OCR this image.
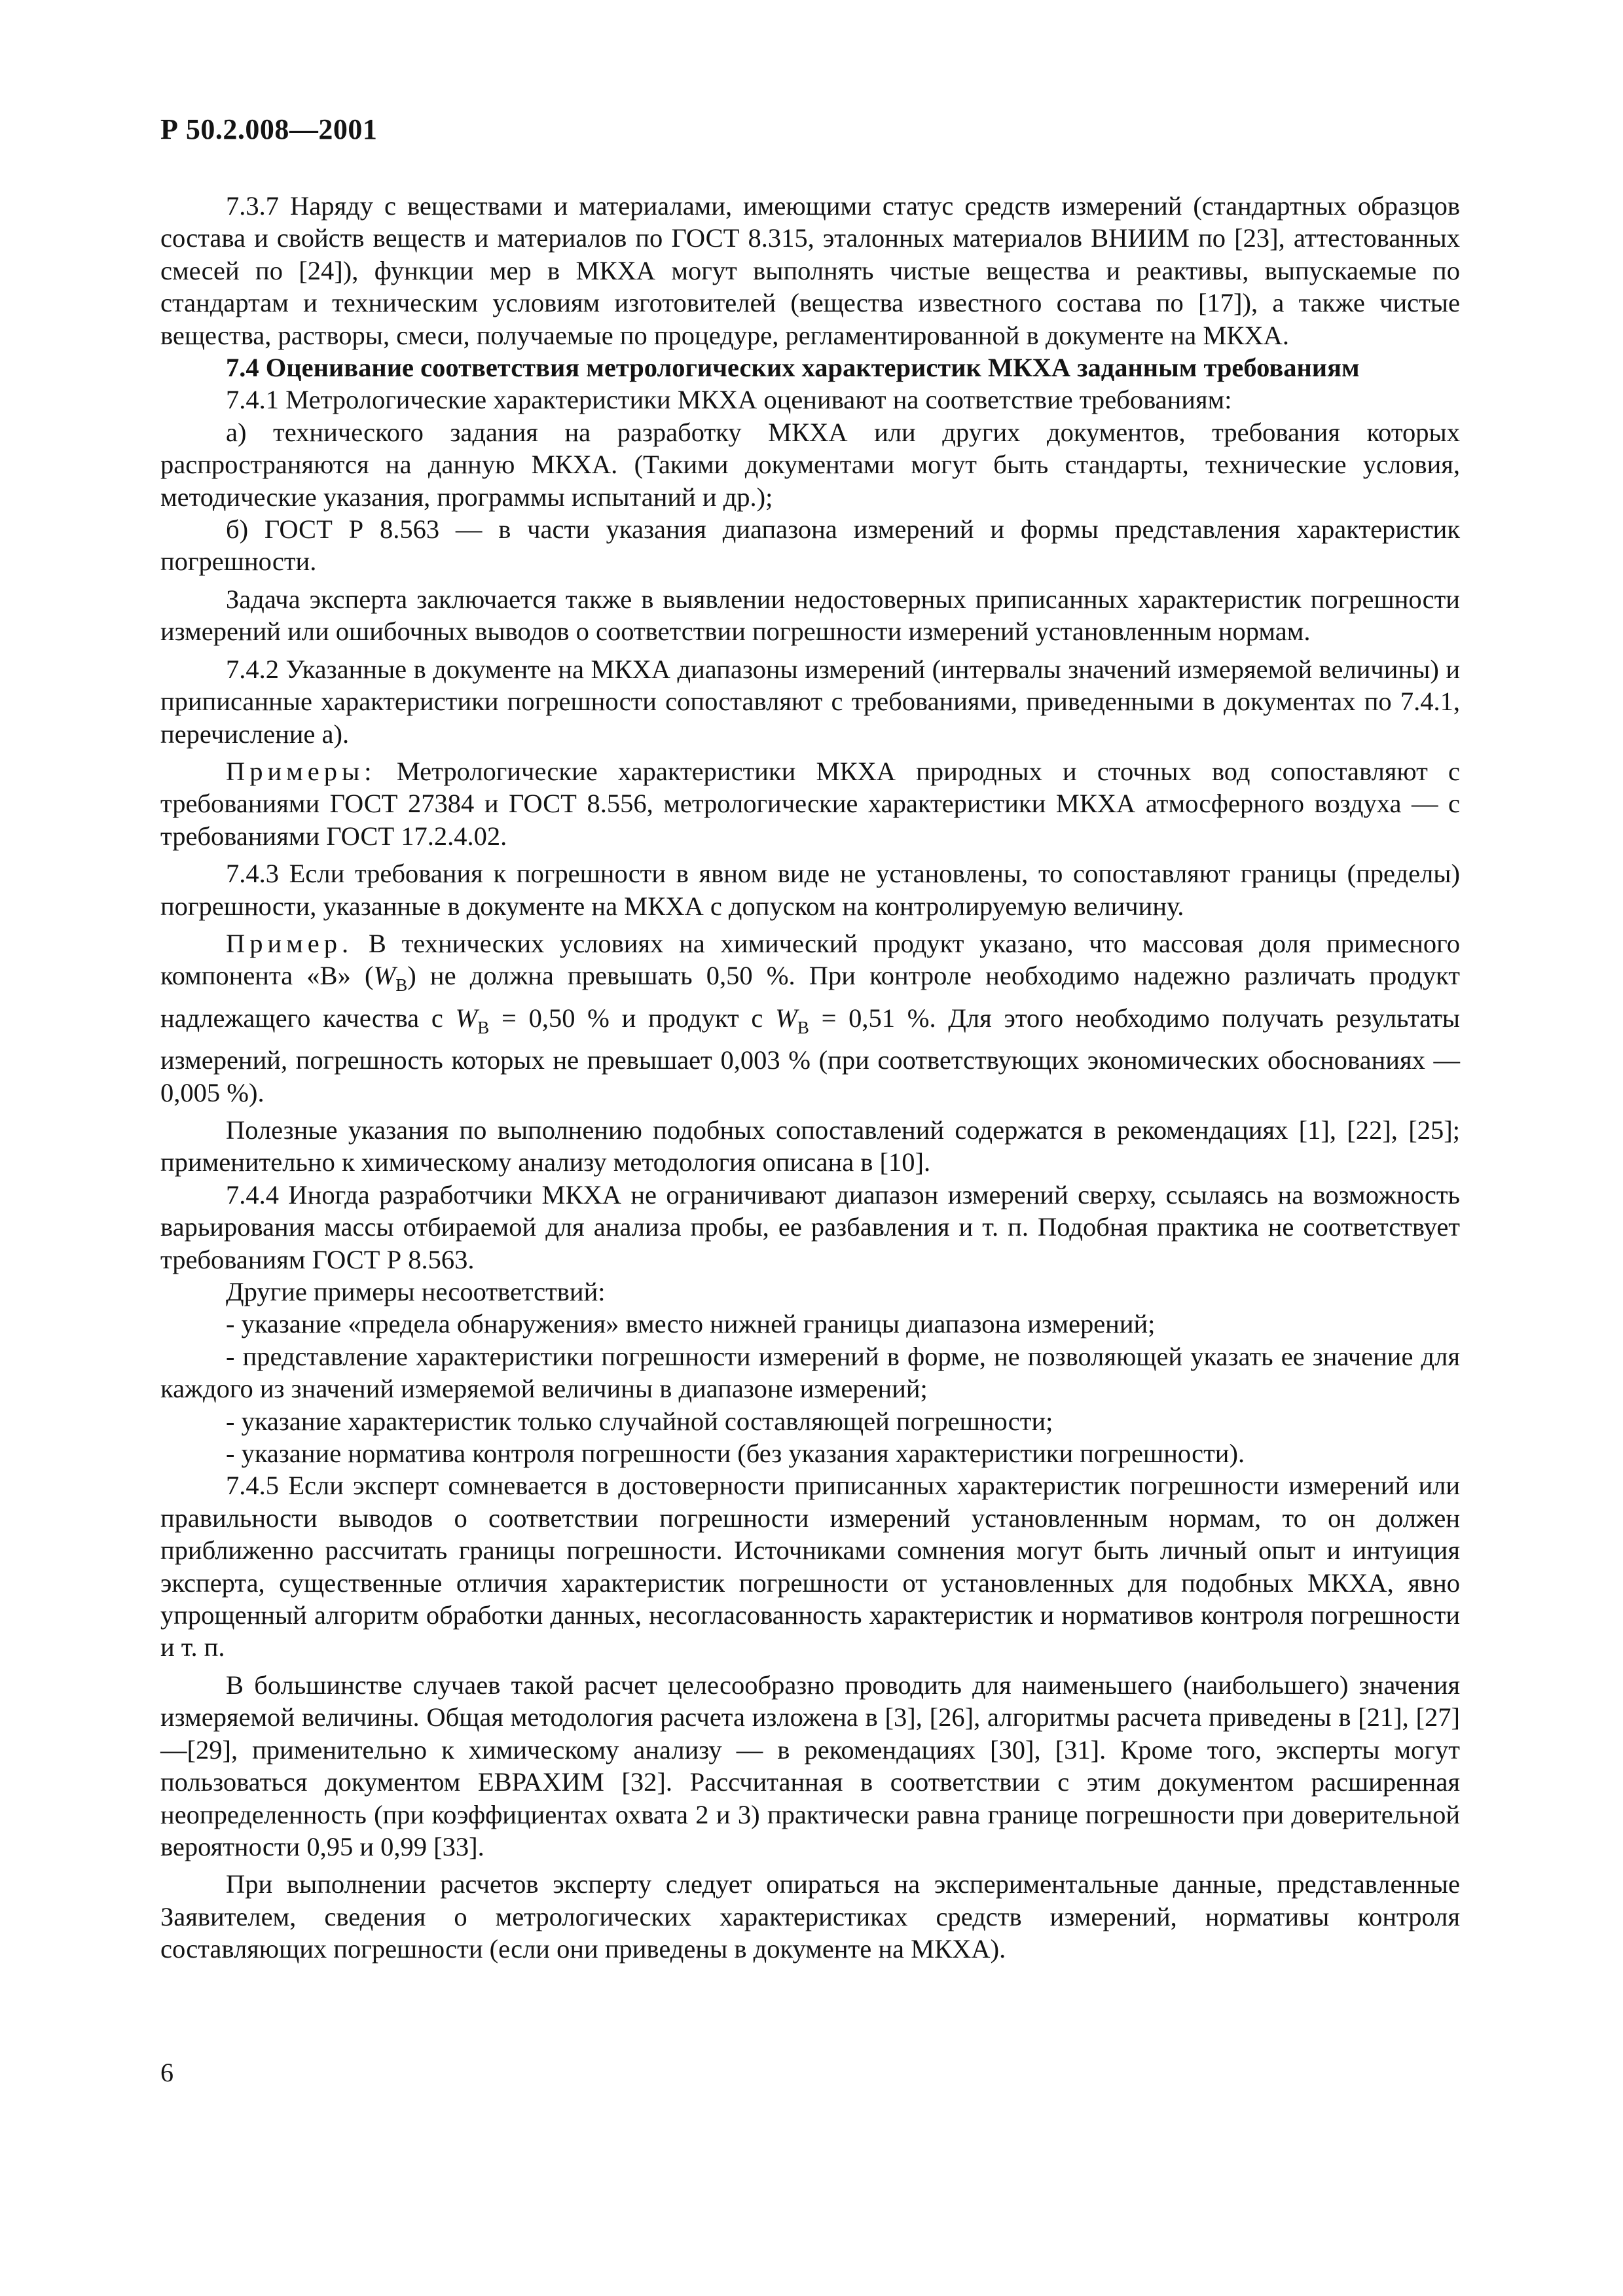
Р 50.2.008—2001

7.3.7 Наряду с веществами и материалами, имеющими статус средств измерений (стандартных образцов состава и свойств веществ и материалов по ГОСТ 8.315, эталонных материалов ВНИИМ по [23], аттестованных смесей по [24]), функции мер в МКХА могут выполнять чистые вещества и реактивы, выпускаемые по стандартам и техническим условиям изготовителей (вещества известного состава по [17]), а также чистые вещества, растворы, смеси, получаемые по процедуре, регламентированной в документе на МКХА.

7.4 Оценивание соответствия метрологических характеристик МКХА заданным требованиям

7.4.1 Метрологические характеристики МКХА оценивают на соответствие требованиям:

а) технического задания на разработку МКХА или других документов, требования которых распространяются на данную МКХА. (Такими документами могут быть стандарты, технические условия, методические указания, программы испытаний и др.);

б) ГОСТ Р 8.563 — в части указания диапазона измерений и формы представления характеристик погрешности.

Задача эксперта заключается также в выявлении недостоверных приписанных характеристик погрешности измерений или ошибочных выводов о соответствии погрешности измерений установленным нормам.

7.4.2 Указанные в документе на МКХА диапазоны измерений (интервалы значений измеряемой величины) и приписанные характеристики погрешности сопоставляют с требованиями, приведенными в документах по 7.4.1, перечисление а).

Примеры: Метрологические характеристики МКХА природных и сточных вод сопоставляют с требованиями ГОСТ 27384 и ГОСТ 8.556, метрологические характеристики МКХА атмосферного воздуха — с требованиями ГОСТ 17.2.4.02.

7.4.3 Если требования к погрешности в явном виде не установлены, то сопоставляют границы (пределы) погрешности, указанные в документе на МКХА с допуском на контролируемую величину.

Пример. В технических условиях на химический продукт указано, что массовая доля примесного компонента «В» $(W_В)$ не должна превышать 0,50 %. При контроле необходимо надежно различать продукт надлежащего качества с $W_В = 0,50$ % и продукт с $W_В = 0,51$ %. Для этого необходимо получать результаты измерений, погрешность которых не превышает 0,003 % (при соответствующих экономических обоснованиях — 0,005 %).

Полезные указания по выполнению подобных сопоставлений содержатся в рекомендациях [1], [22], [25]; применительно к химическому анализу методология описана в [10].

7.4.4 Иногда разработчики МКХА не ограничивают диапазон измерений сверху, ссылаясь на возможность варьирования массы отбираемой для анализа пробы, ее разбавления и т. п. Подобная практика не соответствует требованиям ГОСТ Р 8.563.

Другие примеры несоответствий:

- указание «предела обнаружения» вместо нижней границы диапазона измерений;

- представление характеристики погрешности измерений в форме, не позволяющей указать ее значение для каждого из значений измеряемой величины в диапазоне измерений;

- указание характеристик только случайной составляющей погрешности;

- указание норматива контроля погрешности (без указания характеристики погрешности).

7.4.5 Если эксперт сомневается в достоверности приписанных характеристик погрешности измерений или правильности выводов о соответствии погрешности измерений установленным нормам, то он должен приближенно рассчитать границы погрешности. Источниками сомнения могут быть личный опыт и интуиция эксперта, существенные отличия характеристик погрешности от установленных для подобных МКХА, явно упрощенный алгоритм обработки данных, несогласованность характеристик и нормативов контроля погрешности и т. п.

В большинстве случаев такой расчет целесообразно проводить для наименьшего (наибольшего) значения измеряемой величины. Общая методология расчета изложена в [3], [26], алгоритмы расчета приведены в [21], [27]—[29], применительно к химическому анализу — в рекомендациях [30], [31]. Кроме того, эксперты могут пользоваться документом ЕВРАХИМ [32]. Рассчитанная в соответствии с этим документом расширенная неопределенность (при коэффициентах охвата 2 и 3) практически равна границе погрешности при доверительной вероятности 0,95 и 0,99 [33].

При выполнении расчетов эксперту следует опираться на экспериментальные данные, представленные Заявителем, сведения о метрологических характеристиках средств измерений, нормативы контроля составляющих погрешности (если они приведены в документе на МКХА).

6
